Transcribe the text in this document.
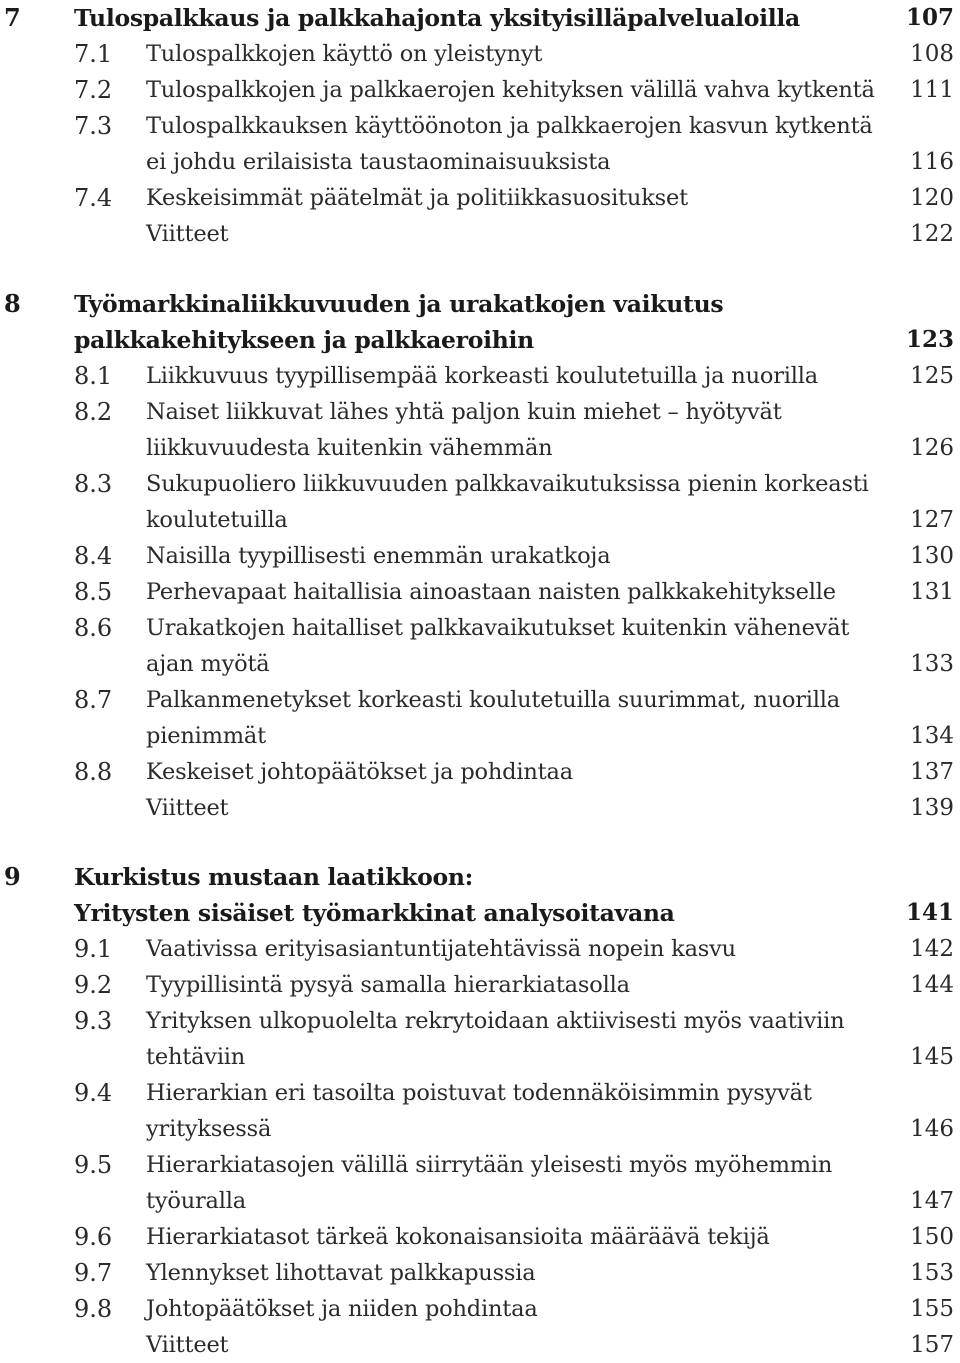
7 Tulospalkkaus ja palkkahajonta yksityisilläpalvelualoilla	107
7.1	Tulospalkkojen käyttö on yleistynyt	108
7.2	Tulospalkkojen ja palkkaerojen kehityksen välillä vahva kytkentä 111
7.3	Tulospalkkauksen käyttöönoton ja palkkaerojen kasvun kytkentä
ei johdu erilaisista taustaominaisuuksista	116
7.4	Keskeisimmät päätelmät ja politiikkasuositukset	120
Viitteet	122
8 Työmarkkinaliikkuvuuden ja urakatkojen vaikutus
palkkakehitykseen ja palkkaeroihin	123
8.1	Liikkuvuus tyypillisempää korkeasti koulutetuilla ja nuorilla	125
8.2	Naiset liikkuvat lähes yhtä paljon kuin miehet – hyötyvät
liikkuvuudesta kuitenkin vähemmän	126
8.3	Sukupuoliero liikkuvuuden palkkavaikutuksissa pienin korkeasti
koulutetuilla	127
8.4	Naisilla tyypillisesti enemmän urakatkoja	130
8.5	Perhevapaat haitallisia ainoastaan naisten palkkakehitykselle	131
8.6	Urakatkojen haitalliset palkkavaikutukset kuitenkin vähenevät
ajan myötä	133
8.7	Palkanmenetykset korkeasti koulutetuilla suurimmat, nuorilla
pienimmät	134
8.8	Keskeiset johtopäätökset ja pohdintaa	137
Viitteet	139
9 Kurkistus mustaan laatikkoon:
Yritysten sisäiset työmarkkinat analysoitavana	141
9.1	Vaativissa erityisasiantuntijatehtävissä nopein kasvu	142
9.2	Tyypillisintä pysyä samalla hierarkiatasolla	144
9.3	Yrityksen ulkopuolelta rekrytoidaan aktiivisesti myös vaativiin
tehtäviin	145
9.4	Hierarkian eri tasoilta poistuvat todennäköisimmin pysyvät
yrityksessä	146
9.5	Hierarkiatasojen välillä siirrytään yleisesti myös myöhemmin
työuralla	147
9.6	Hierarkiatasot tärkeä kokonaisansioita määräävä tekijä	150
9.7	Ylennykset lihottavat palkkapussia	153
9.8	Johtopäätökset ja niiden pohdintaa	155
Viitteet	157
